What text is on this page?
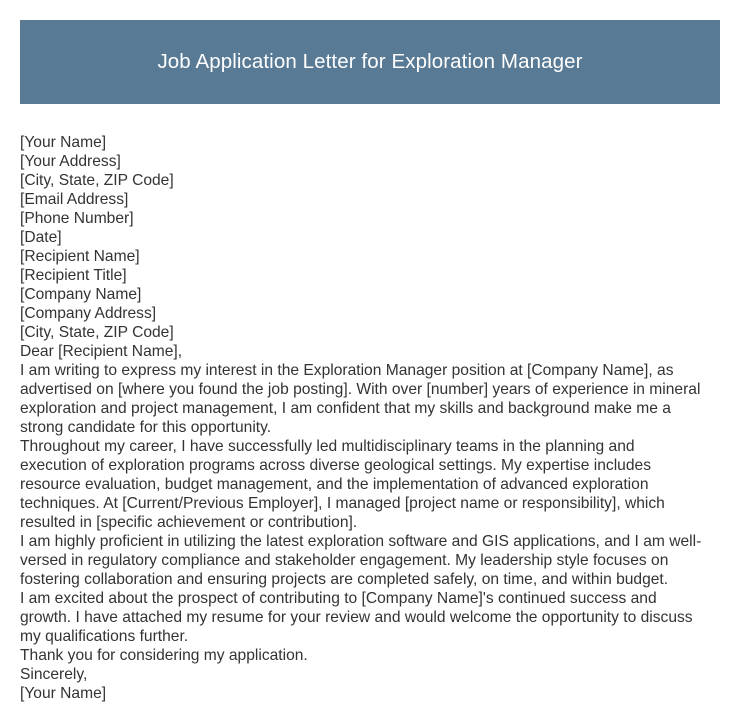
Job Application Letter for Exploration Manager
[Your Name]
[Your Address]
[City, State, ZIP Code]
[Email Address]
[Phone Number]
[Date]
[Recipient Name]
[Recipient Title]
[Company Name]
[Company Address]
[City, State, ZIP Code]
Dear [Recipient Name],
I am writing to express my interest in the Exploration Manager position at [Company Name], as
advertised on [where you found the job posting]. With over [number] years of experience in mineral
exploration and project management, I am confident that my skills and background make me a
strong candidate for this opportunity.
Throughout my career, I have successfully led multidisciplinary teams in the planning and
execution of exploration programs across diverse geological settings. My expertise includes
resource evaluation, budget management, and the implementation of advanced exploration
techniques. At [Current/Previous Employer], I managed [project name or responsibility], which
resulted in [specific achievement or contribution].
I am highly proficient in utilizing the latest exploration software and GIS applications, and I am well-
versed in regulatory compliance and stakeholder engagement. My leadership style focuses on
fostering collaboration and ensuring projects are completed safely, on time, and within budget.
I am excited about the prospect of contributing to [Company Name]'s continued success and
growth. I have attached my resume for your review and would welcome the opportunity to discuss
my qualifications further.
Thank you for considering my application.
Sincerely,
[Your Name]
